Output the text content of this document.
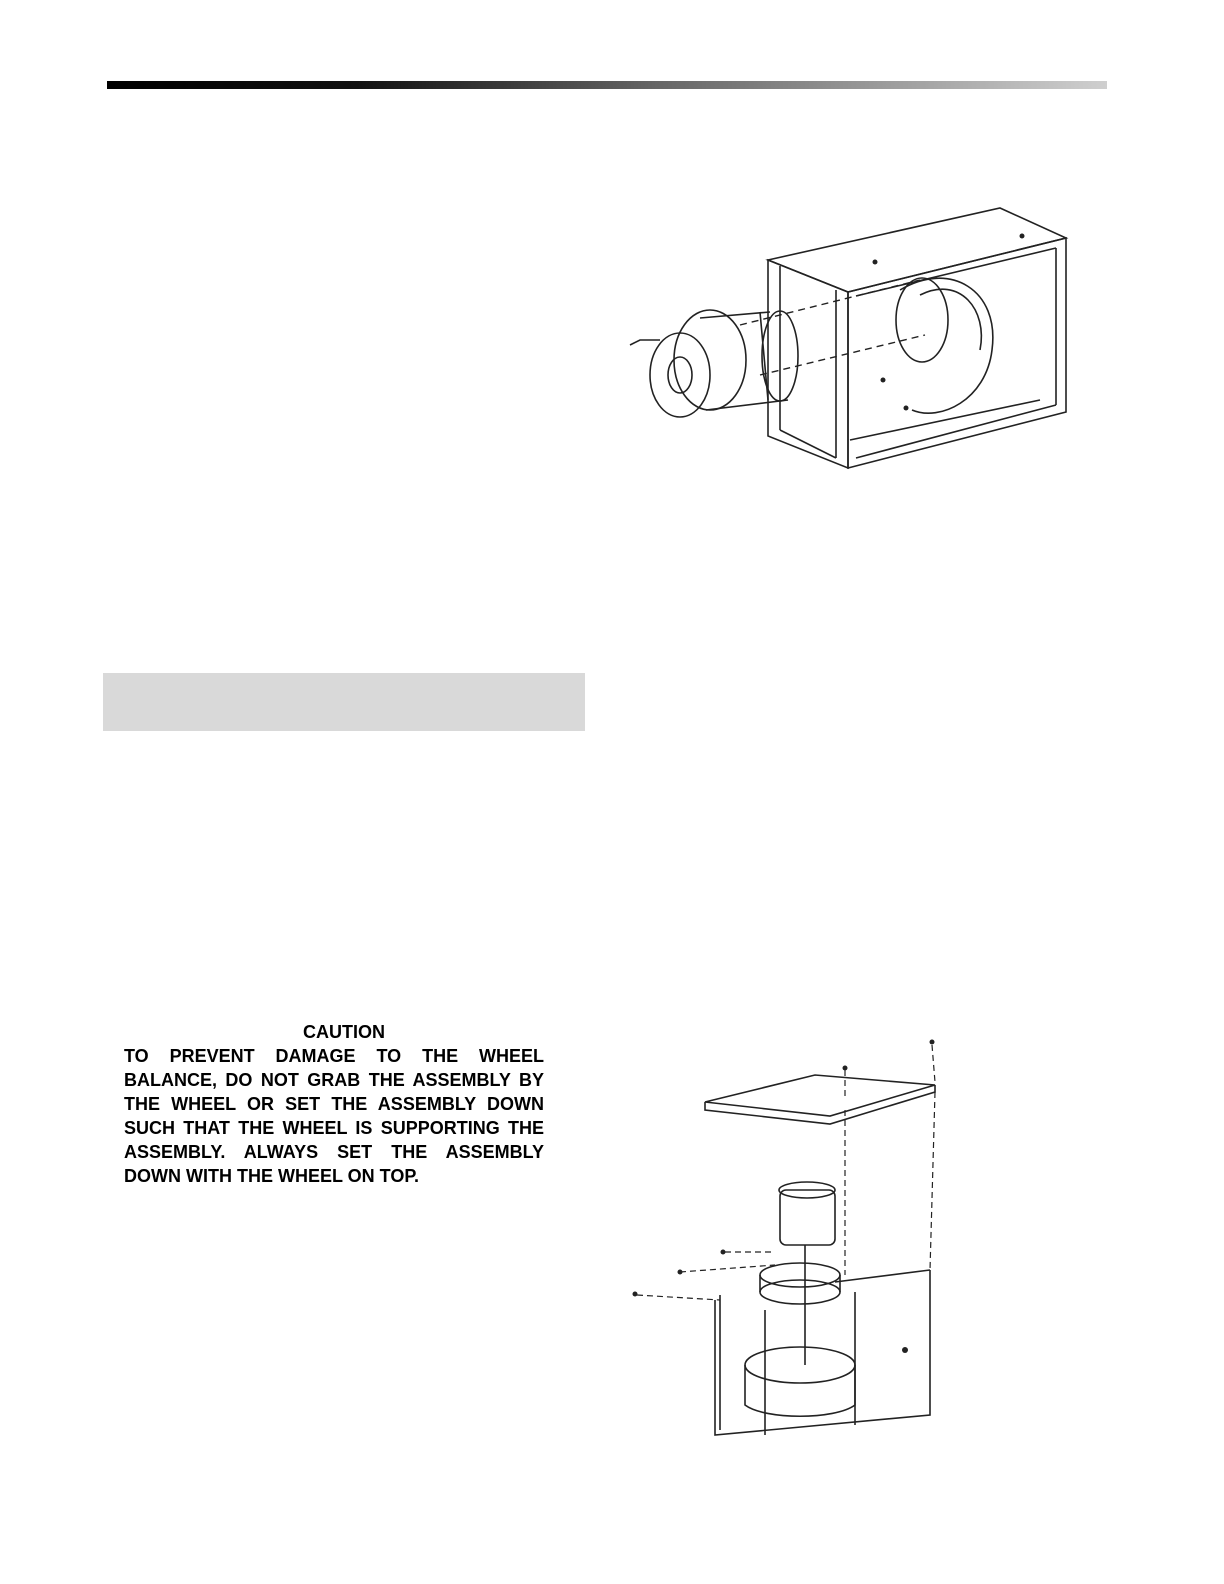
CAUTION

TO PREVENT DAMAGE TO THE WHEEL BALANCE, DO NOT GRAB THE ASSEMBLY BY THE WHEEL OR SET THE ASSEMBLY DOWN SUCH THAT THE WHEEL IS SUPPORTING THE ASSEMBLY. ALWAYS SET THE ASSEMBLY DOWN WITH THE WHEEL ON TOP.
